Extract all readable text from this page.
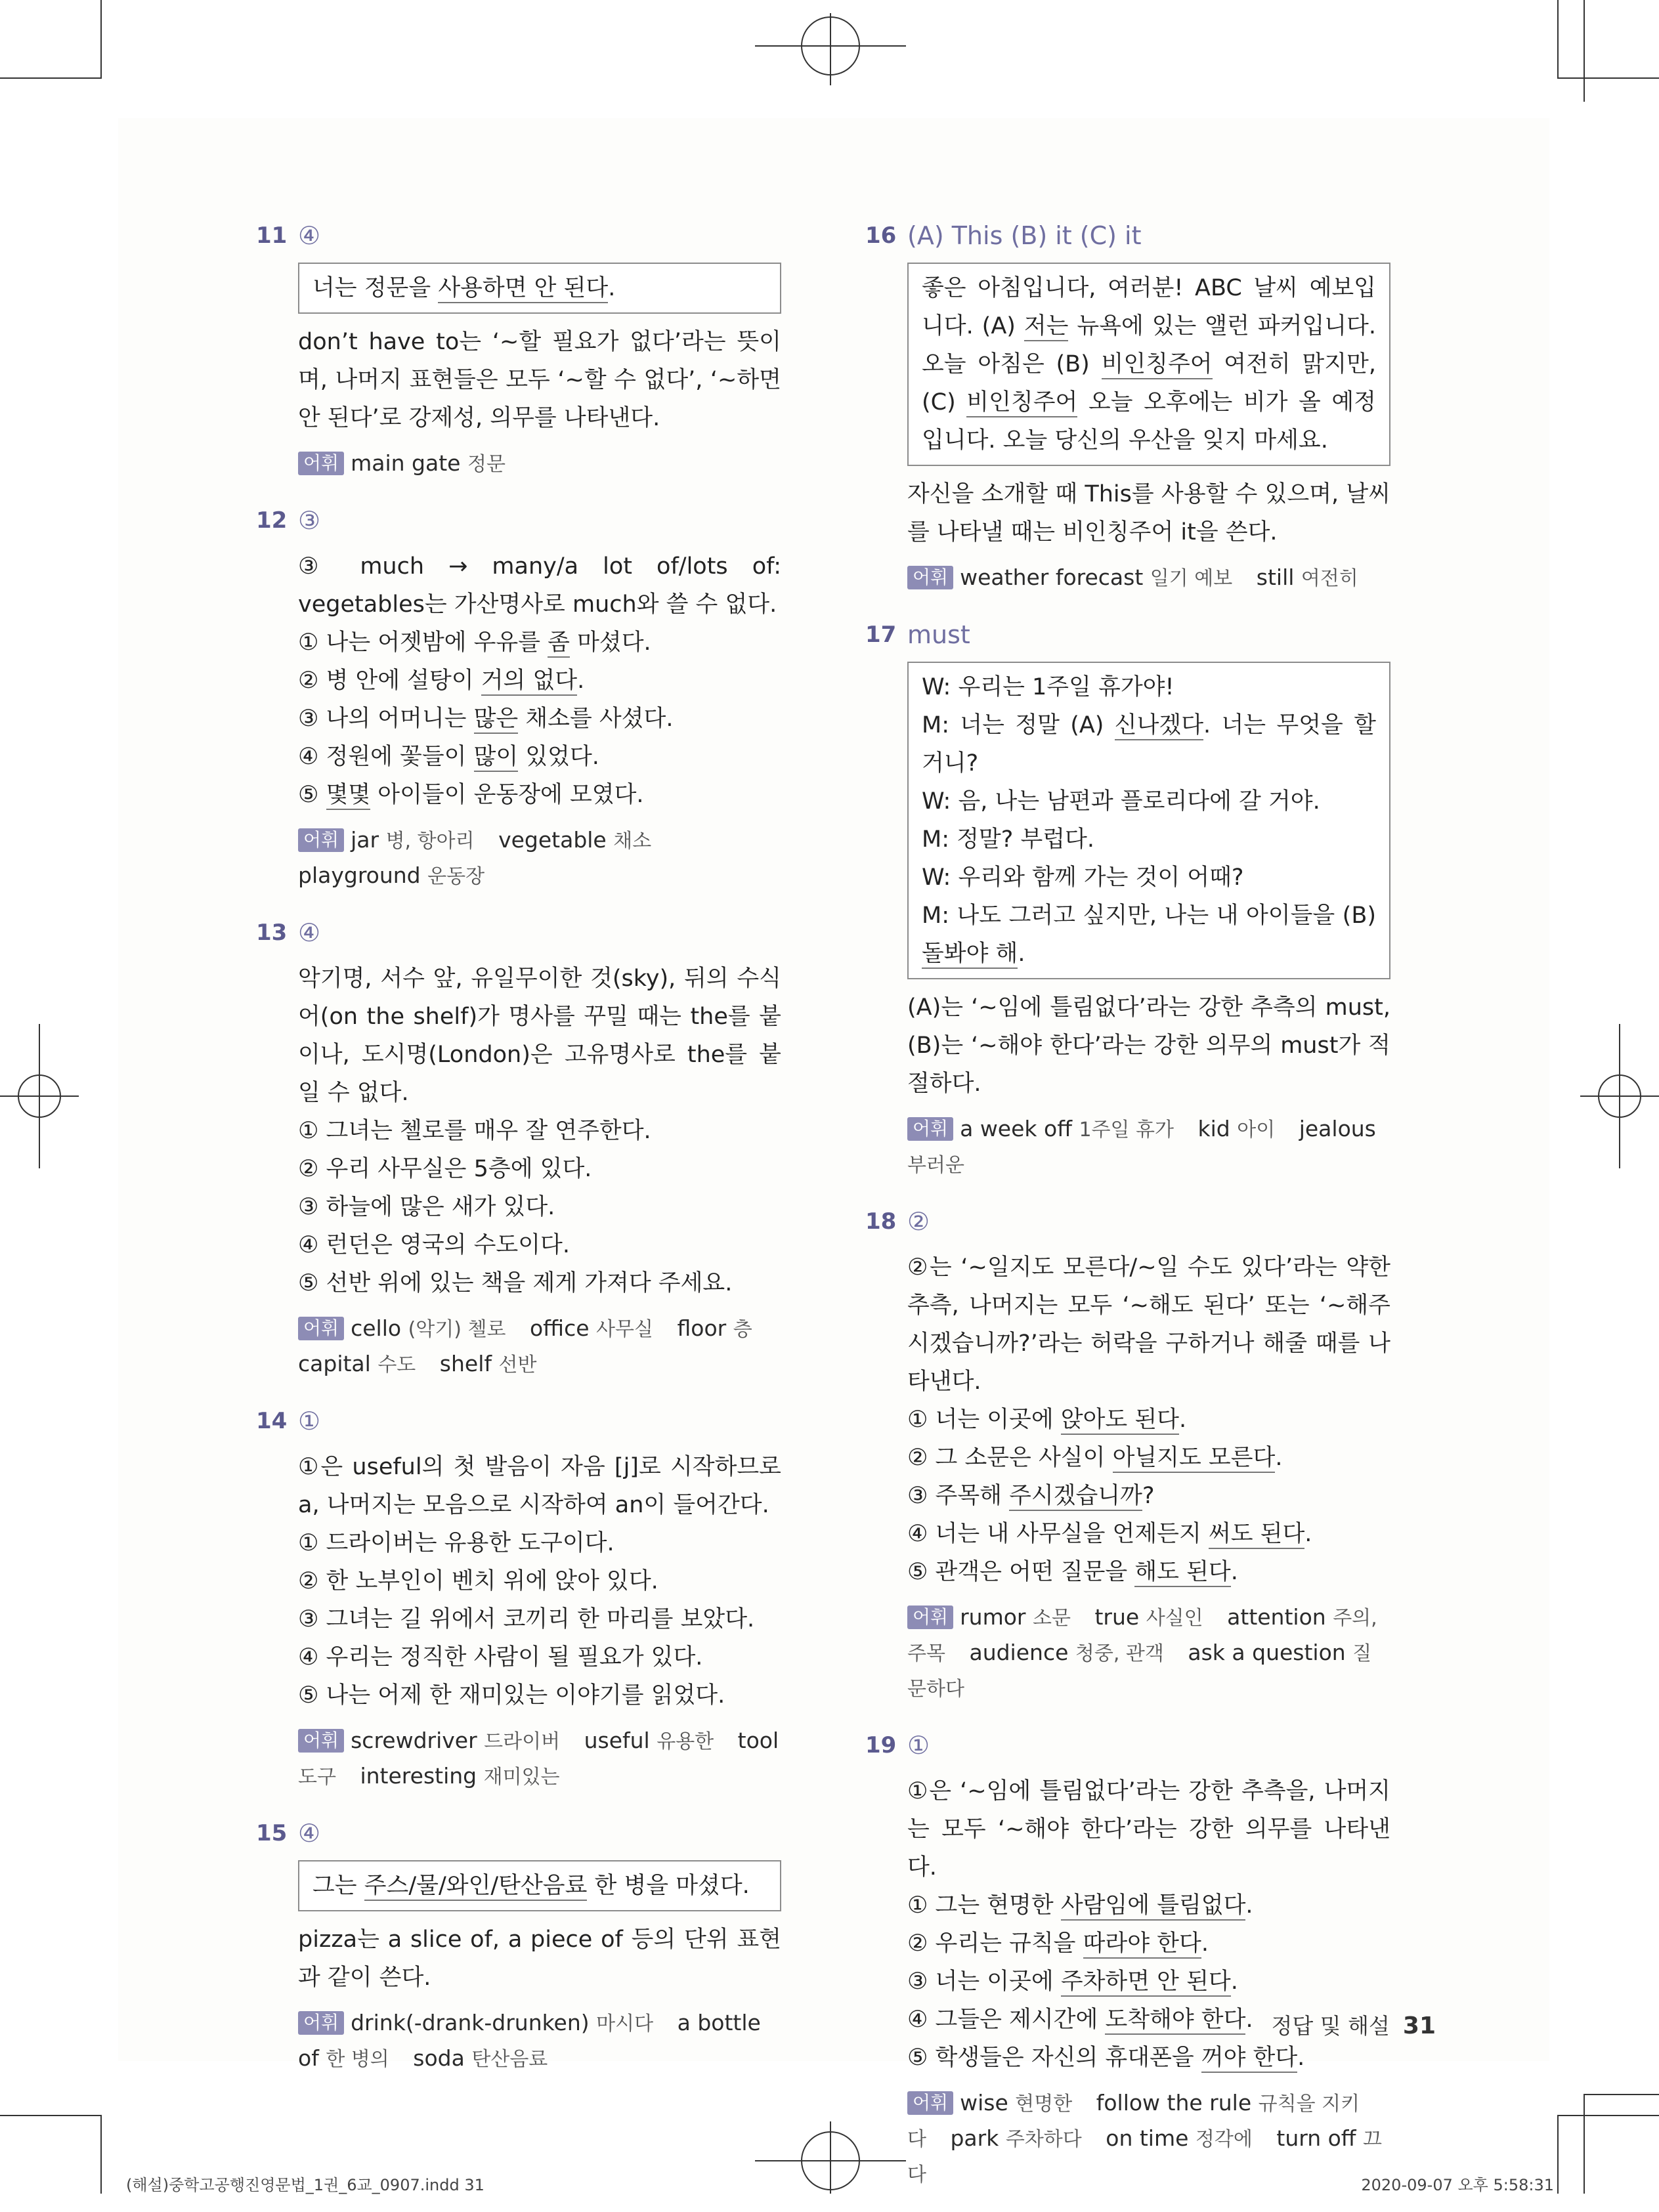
11 ④

너는 정문을 사용하면 안 된다.

don’t have to는 ‘~할 필요가 없다’라는 뜻이며, 나머지 표현들은 모두 ‘~할 수 없다’, ‘~하면 안 된다’로 강제성, 의무를 나타낸다.

어휘 main gate 정문
12 ③

③ much → many/a lot of/lots of: vegetables는 가산명사로 much와 쓸 수 없다.

① 나는 어젯밤에 우유를 좀 마셨다.

② 병 안에 설탕이 거의 없다.

③ 나의 어머니는 많은 채소를 사셨다.

④ 정원에 꽃들이 많이 있었다.

⑤ 몇몇 아이들이 운동장에 모였다.

어휘 jar 병, 항아리 vegetable 채소 playground 운동장
13 ④

악기명, 서수 앞, 유일무이한 것(sky), 뒤의 수식어(on the shelf)가 명사를 꾸밀 때는 the를 붙이나, 도시명(London)은 고유명사로 the를 붙일 수 없다.

① 그녀는 첼로를 매우 잘 연주한다.

② 우리 사무실은 5층에 있다.

③ 하늘에 많은 새가 있다.

④ 런던은 영국의 수도이다.

⑤ 선반 위에 있는 책을 제게 가져다 주세요.

어휘 cello (악기) 첼로 office 사무실 floor 층 capital 수도 shelf 선반
14 ①

①은 useful의 첫 발음이 자음 [j]로 시작하므로 a, 나머지는 모음으로 시작하여 an이 들어간다.

① 드라이버는 유용한 도구이다.

② 한 노부인이 벤치 위에 앉아 있다.

③ 그녀는 길 위에서 코끼리 한 마리를 보았다.

④ 우리는 정직한 사람이 될 필요가 있다.

⑤ 나는 어제 한 재미있는 이야기를 읽었다.

어휘 screwdriver 드라이버 useful 유용한 tool 도구 interesting 재미있는
15 ④

그는 주스/물/와인/탄산음료 한 병을 마셨다.

pizza는 a slice of, a piece of 등의 단위 표현과 같이 쓴다.

어휘 drink(-drank-drunken) 마시다 a bottle of 한 병의 soda 탄산음료
16 (A) This (B) it (C) it

좋은 아침입니다, 여러분! ABC 날씨 예보입니다. (A) 저는 뉴욕에 있는 앨런 파커입니다. 오늘 아침은 (B) 비인칭주어 여전히 맑지만, (C) 비인칭주어 오늘 오후에는 비가 올 예정입니다. 오늘 당신의 우산을 잊지 마세요.

자신을 소개할 때 This를 사용할 수 있으며, 날씨를 나타낼 때는 비인칭주어 it을 쓴다.

어휘 weather forecast 일기 예보 still 여전히
17 must

W: 우리는 1주일 휴가야!

M: 너는 정말 (A) 신나겠다. 너는 무엇을 할 거니?

W: 음, 나는 남편과 플로리다에 갈 거야.

M: 정말? 부럽다.

W: 우리와 함께 가는 것이 어때?

M: 나도 그러고 싶지만, 나는 내 아이들을 (B) 돌봐야 해.

(A)는 ‘~임에 틀림없다’라는 강한 추측의 must, (B)는 ‘~해야 한다’라는 강한 의무의 must가 적절하다.

어휘 a week off 1주일 휴가 kid 아이 jealous 부러운
18 ②

②는 ‘~일지도 모른다/~일 수도 있다’라는 약한 추측, 나머지는 모두 ‘~해도 된다’ 또는 ‘~해주시겠습니까?’라는 허락을 구하거나 해줄 때를 나타낸다.

① 너는 이곳에 앉아도 된다.

② 그 소문은 사실이 아닐지도 모른다.

③ 주목해 주시겠습니까?

④ 너는 내 사무실을 언제든지 써도 된다.

⑤ 관객은 어떤 질문을 해도 된다.

어휘 rumor 소문 true 사실인 attention 주의, 주목 audience 청중, 관객 ask a question 질문하다
19 ①

①은 ‘~임에 틀림없다’라는 강한 추측을, 나머지는 모두 ‘~해야 한다’라는 강한 의무를 나타낸다.

① 그는 현명한 사람임에 틀림없다.

② 우리는 규칙을 따라야 한다.

③ 너는 이곳에 주차하면 안 된다.

④ 그들은 제시간에 도착해야 한다.

⑤ 학생들은 자신의 휴대폰을 꺼야 한다.

어휘 wise 현명한 follow the rule 규칙을 지키다 park 주차하다 on time 정각에 turn off 끄다
정답 및 해설 31
(해설)중학고공행진영문법_1권_6교_0907.indd 31	2020-09-07 오후 5:58:31
